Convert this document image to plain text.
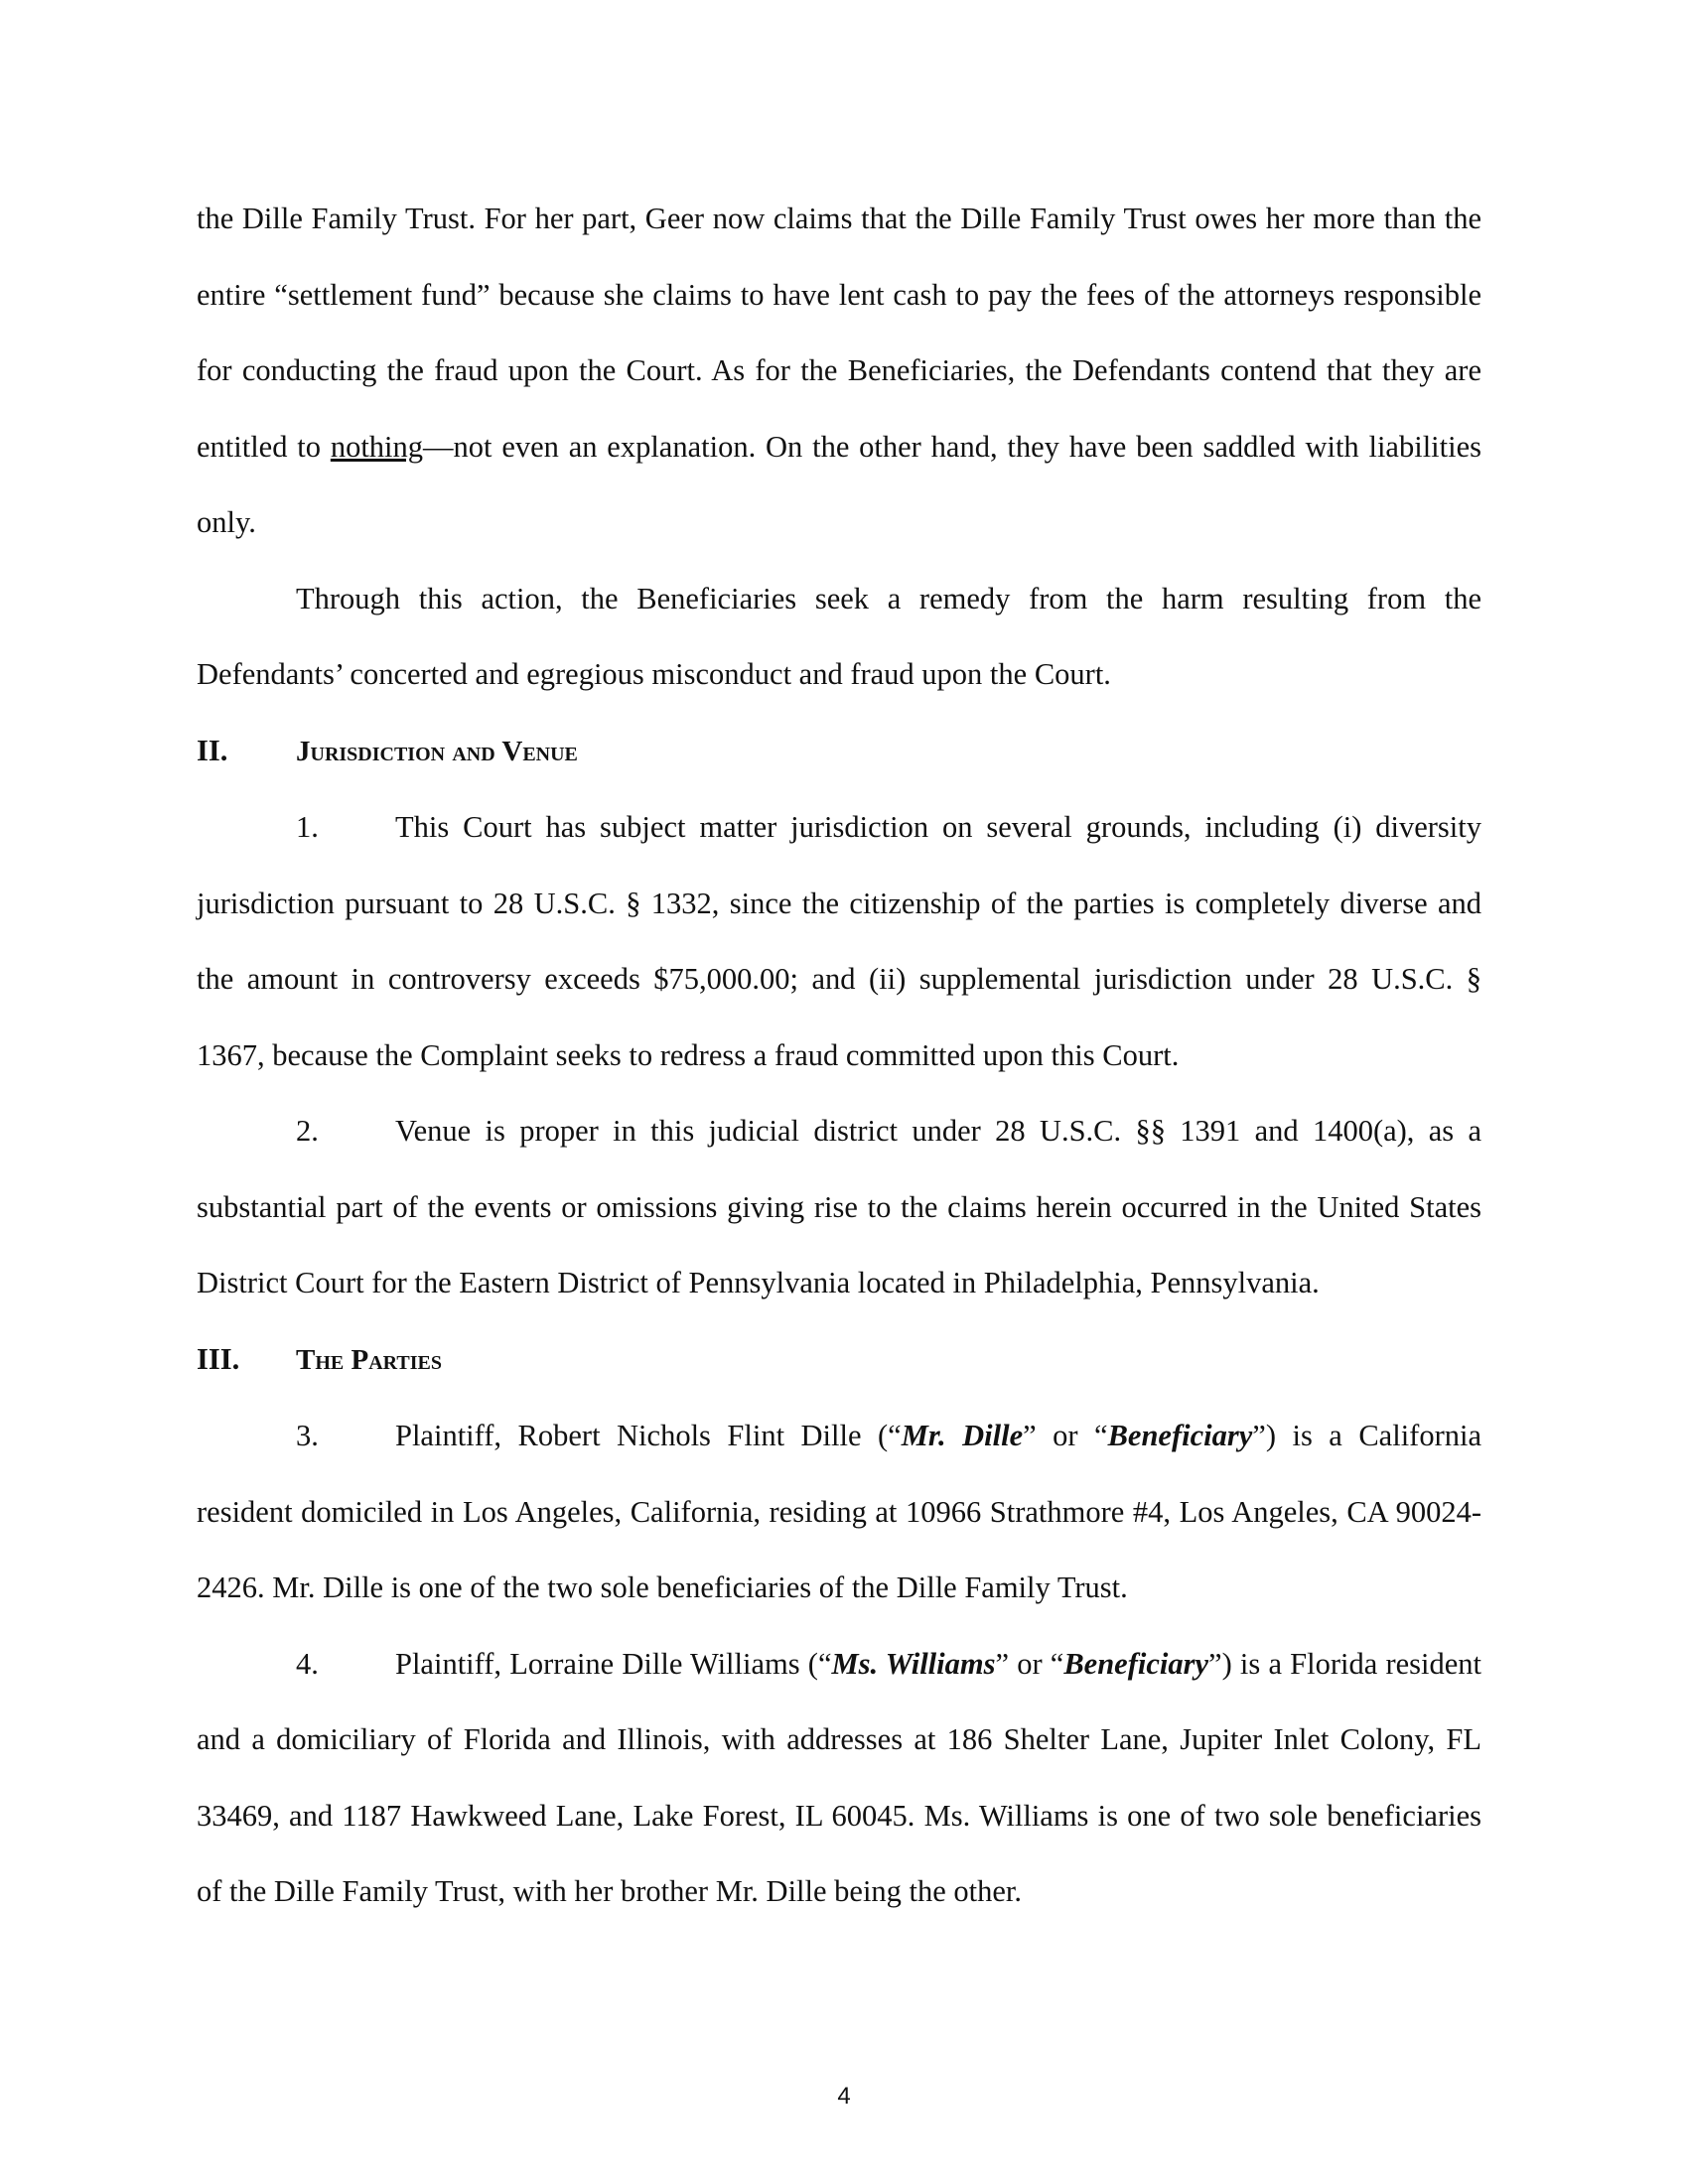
the Dille Family Trust. For her part, Geer now claims that the Dille Family Trust owes her more than the entire “settlement fund” because she claims to have lent cash to pay the fees of the attorneys responsible for conducting the fraud upon the Court. As for the Beneficiaries, the Defendants contend that they are entitled to nothing—not even an explanation. On the other hand, they have been saddled with liabilities only.

Through this action, the Beneficiaries seek a remedy from the harm resulting from the Defendants’ concerted and egregious misconduct and fraud upon the Court.

II. Jurisdiction and Venue

1.	This Court has subject matter jurisdiction on several grounds, including (i) diversity jurisdiction pursuant to 28 U.S.C. § 1332, since the citizenship of the parties is completely diverse and the amount in controversy exceeds $75,000.00; and (ii) supplemental jurisdiction under 28 U.S.C. § 1367, because the Complaint seeks to redress a fraud committed upon this Court.

2.	Venue is proper in this judicial district under 28 U.S.C. §§ 1391 and 1400(a), as a substantial part of the events or omissions giving rise to the claims herein occurred in the United States District Court for the Eastern District of Pennsylvania located in Philadelphia, Pennsylvania.

III. The Parties

3.	Plaintiff, Robert Nichols Flint Dille (“Mr. Dille” or “Beneficiary”) is a California resident domiciled in Los Angeles, California, residing at 10966 Strathmore #4, Los Angeles, CA 90024-2426. Mr. Dille is one of the two sole beneficiaries of the Dille Family Trust.

4.	Plaintiff, Lorraine Dille Williams (“Ms. Williams” or “Beneficiary”) is a Florida resident and a domiciliary of Florida and Illinois, with addresses at 186 Shelter Lane, Jupiter Inlet Colony, FL 33469, and 1187 Hawkweed Lane, Lake Forest, IL 60045. Ms. Williams is one of two sole beneficiaries of the Dille Family Trust, with her brother Mr. Dille being the other.

4
